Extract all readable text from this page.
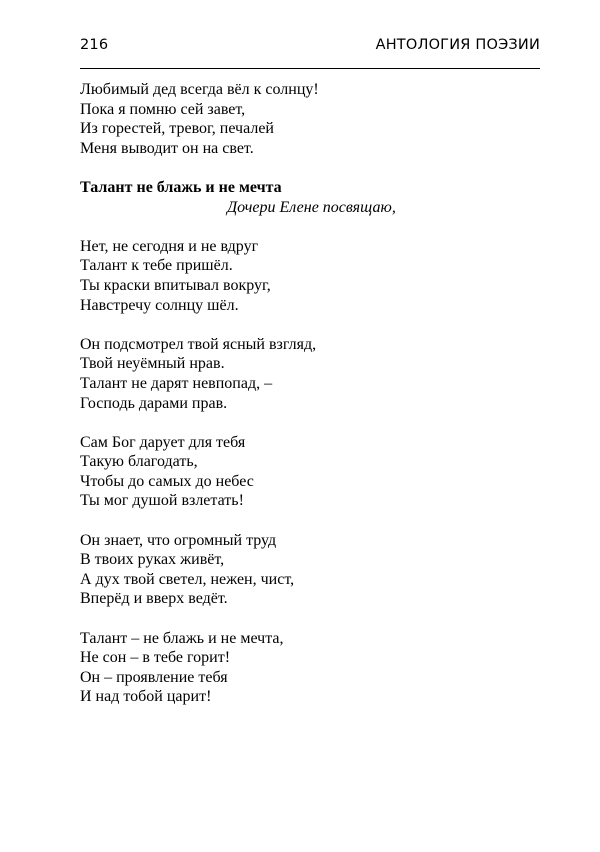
216	АНТОЛОГИЯ ПОЭЗИИ
Любимый дед всегда вёл к солнцу!
Пока я помню сей завет,
Из горестей, тревог, печалей
Меня выводит он на свет.
Талант не блажь и не мечта
Дочери Елене посвящаю,
Нет, не сегодня и не вдруг
Талант к тебе пришёл.
Ты краски впитывал вокруг,
Навстречу солнцу шёл.
Он подсмотрел твой ясный взгляд,
Твой неуёмный нрав.
Талант не дарят невпопад, –
Господь дарами прав.
Сам Бог дарует для тебя
Такую благодать,
Чтобы до самых до небес
Ты мог душой взлетать!
Он знает, что огромный труд
В твоих руках живёт,
А дух твой светел, нежен, чист,
Вперёд и вверх ведёт.
Талант – не блажь и не мечта,
Не сон – в тебе горит!
Он – проявление тебя
И над тобой царит!
